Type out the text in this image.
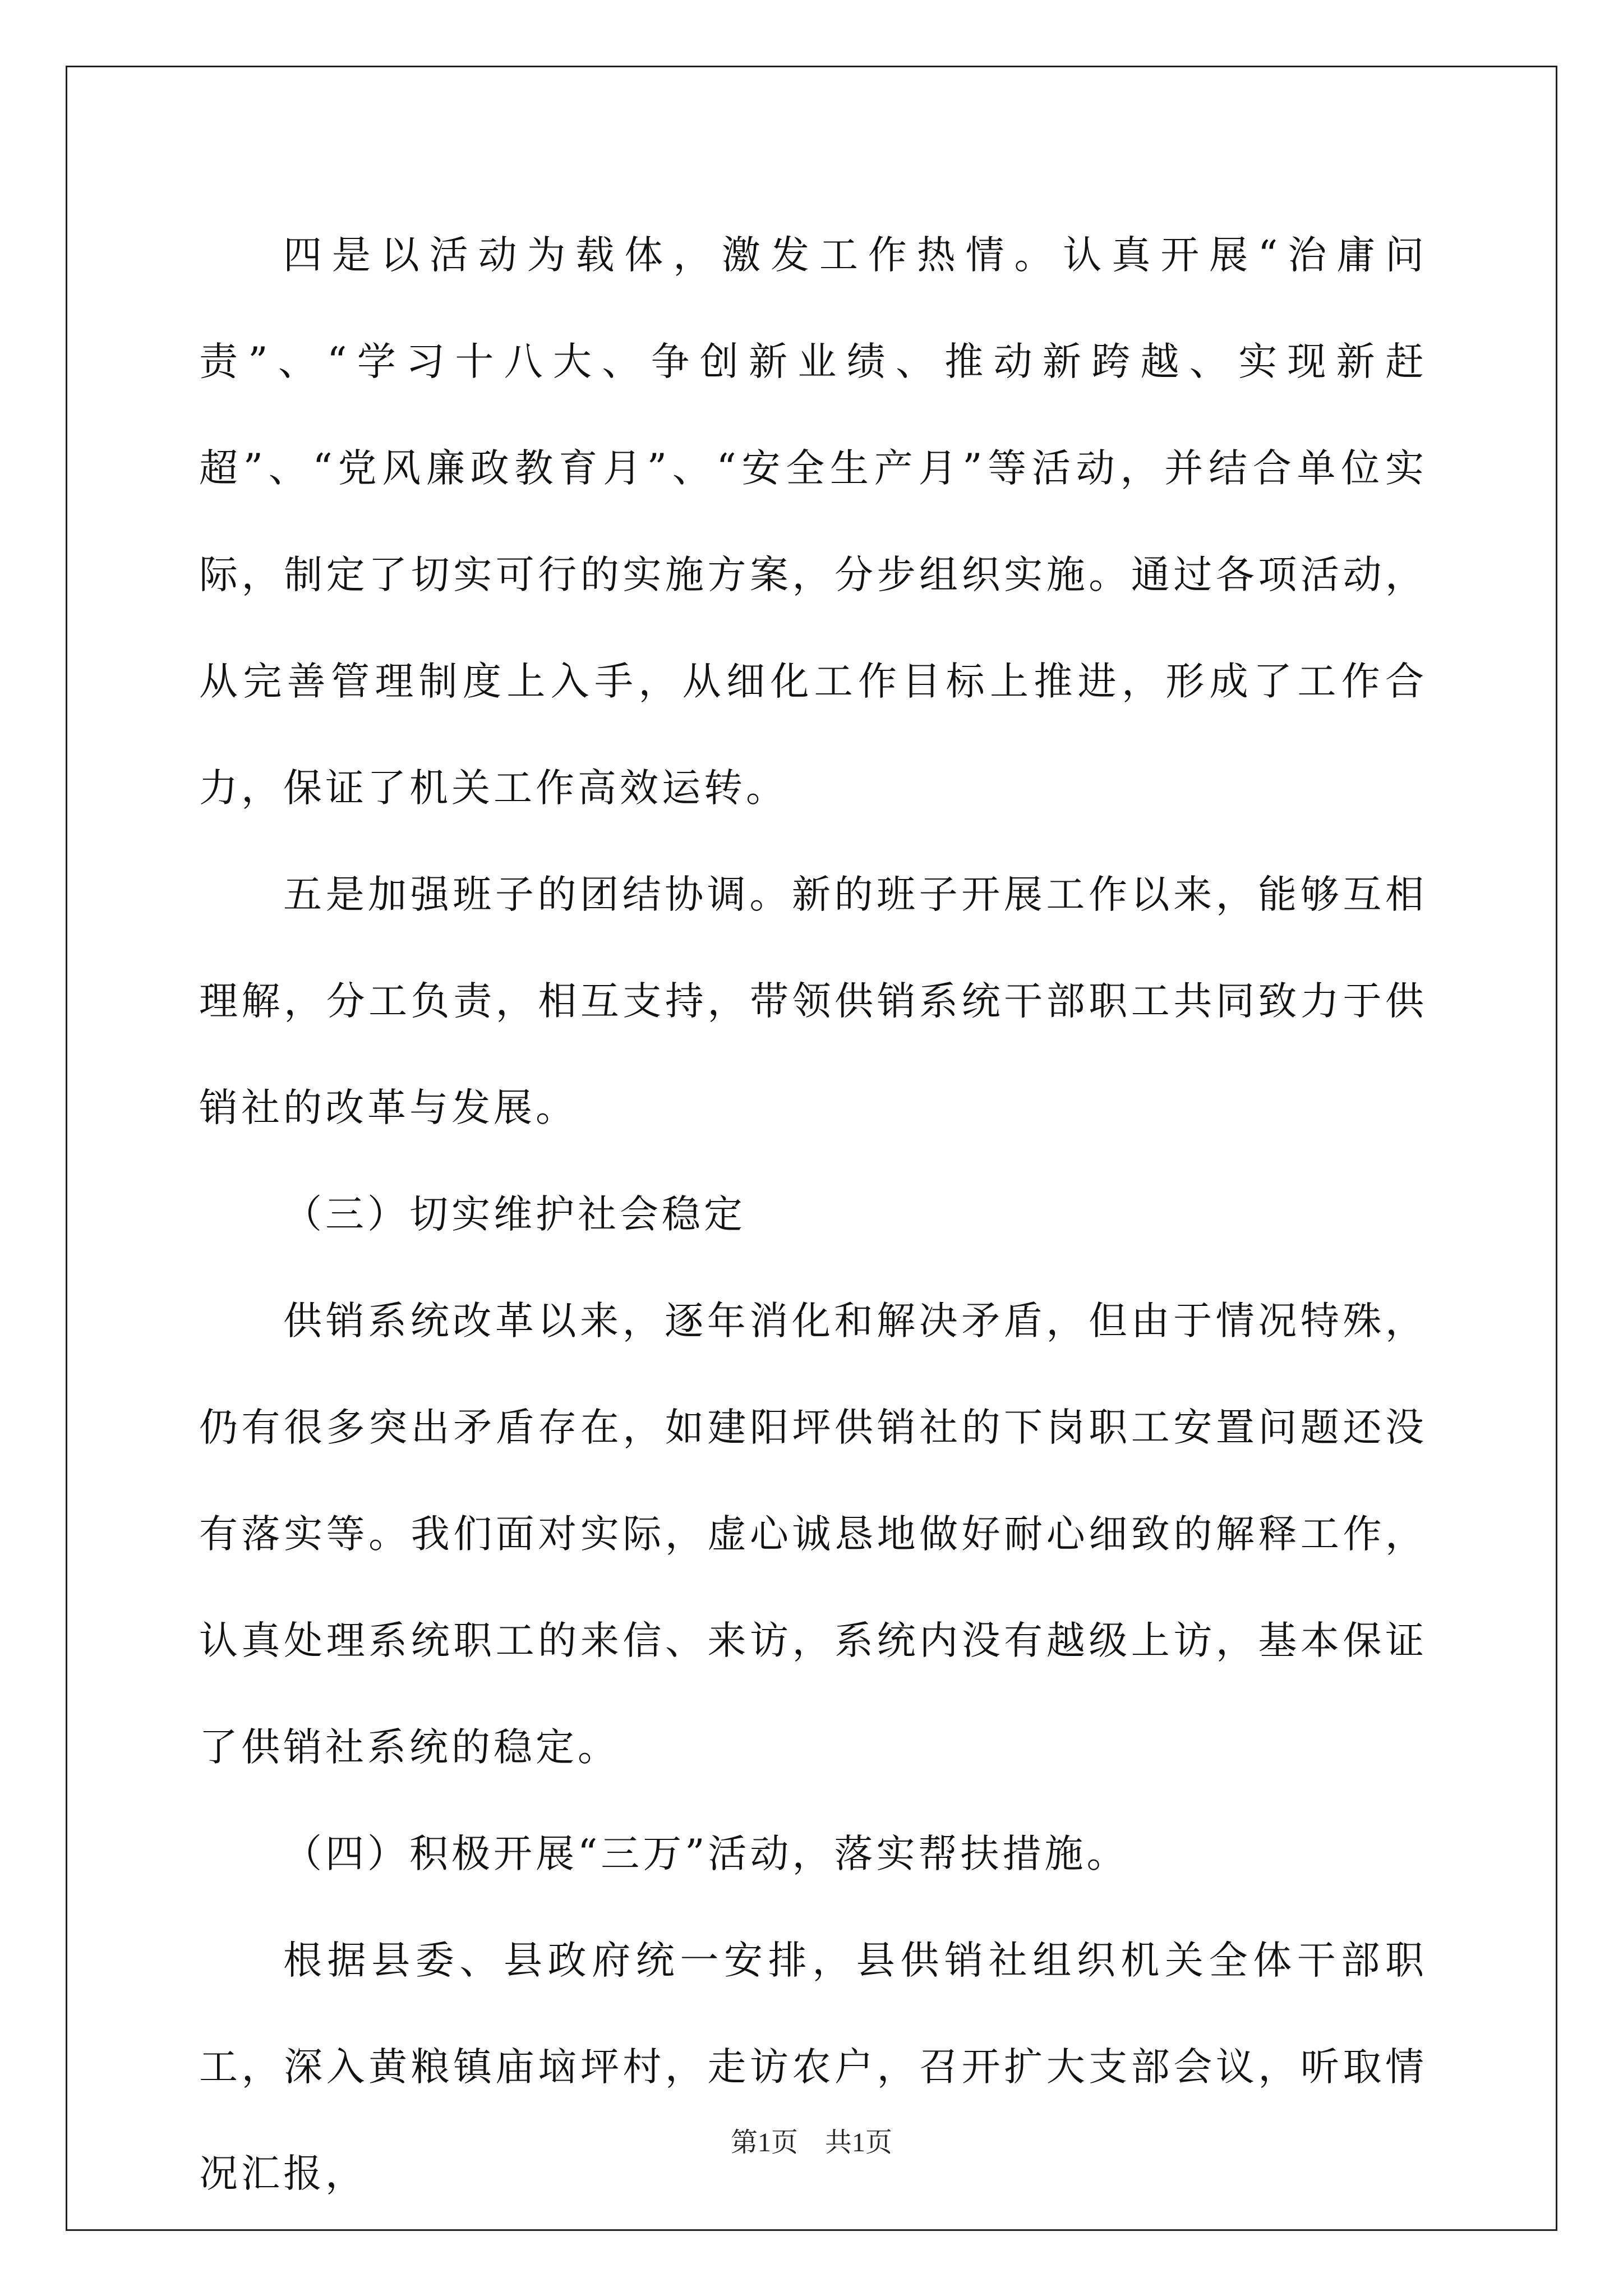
四是以活动为载体，激发工作热情。认真开展“治庸问责”、“学习十八大、争创新业绩、推动新跨越、实现新赶超”、“党风廉政教育月”、“安全生产月”等活动，并结合单位实际，制定了切实可行的实施方案，分步组织实施。通过各项活动，从完善管理制度上入手，从细化工作目标上推进，形成了工作合力，保证了机关工作高效运转。

五是加强班子的团结协调。新的班子开展工作以来，能够互相理解，分工负责，相互支持，带领供销系统干部职工共同致力于供销社的改革与发展。

（三）切实维护社会稳定

供销系统改革以来，逐年消化和解决矛盾，但由于情况特殊，仍有很多突出矛盾存在，如建阳坪供销社的下岗职工安置问题还没有落实等。我们面对实际，虚心诚恳地做好耐心细致的解释工作，认真处理系统职工的来信、来访，系统内没有越级上访，基本保证了供销社系统的稳定。

（四）积极开展“三万”活动，落实帮扶措施。

根据县委、县政府统一安排，县供销社组织机关全体干部职工，深入黄粮镇庙垴坪村，走访农户，召开扩大支部会议，听取情况汇报，

第1页 共1页
